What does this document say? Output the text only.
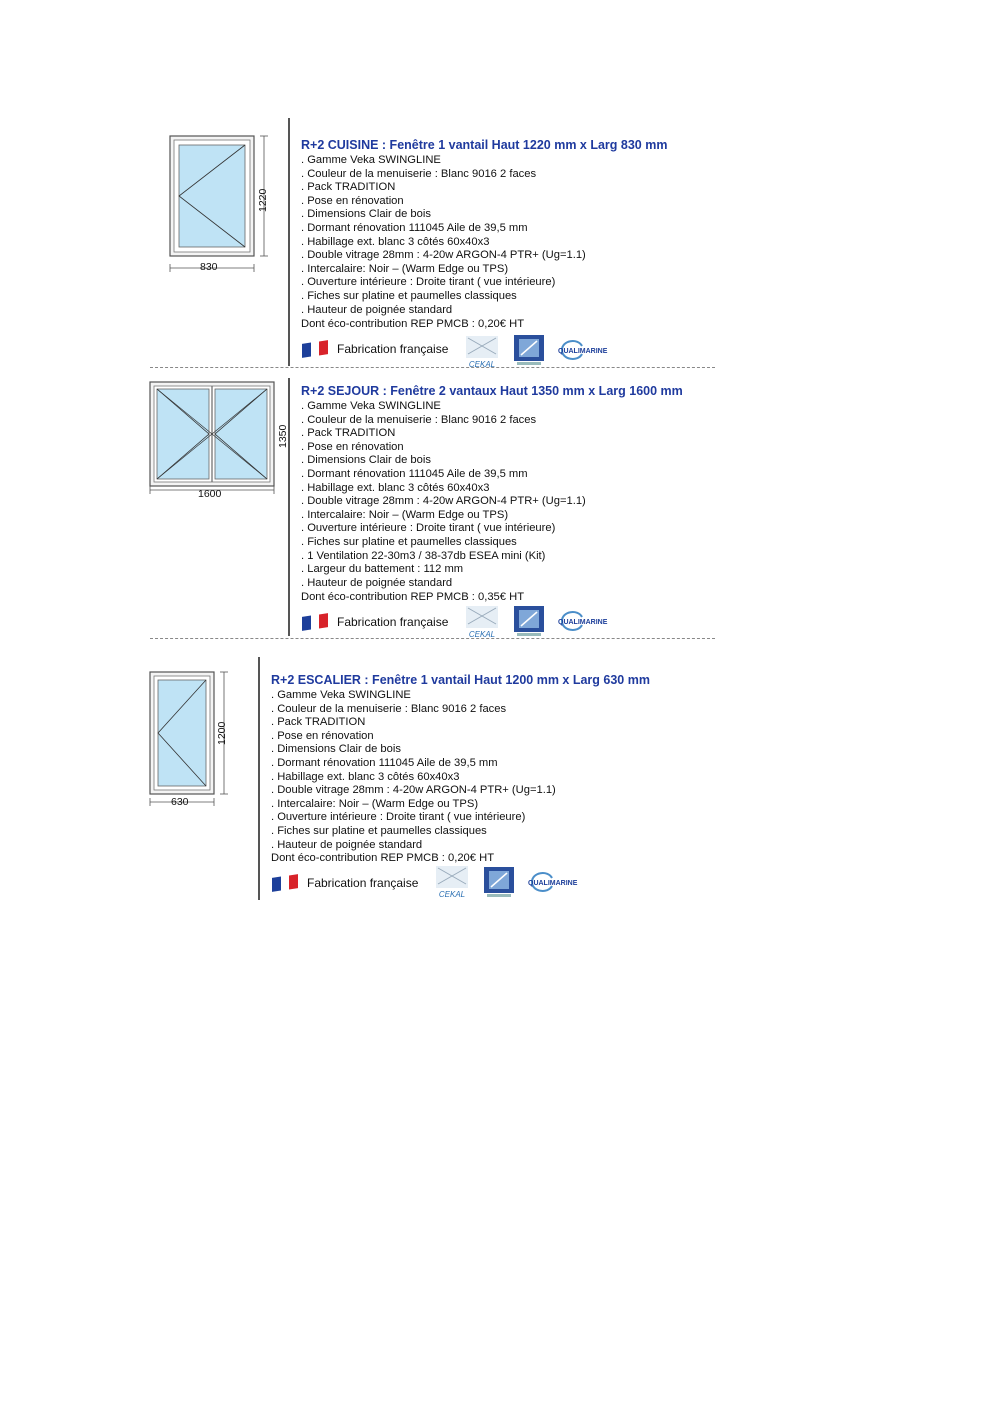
1220
830
R+2 CUISINE : Fenêtre 1 vantail Haut 1220 mm x Larg 830 mm
. Gamme Veka SWINGLINE
. Couleur de la menuiserie : Blanc 9016 2 faces
. Pack TRADITION
. Pose en rénovation
. Dimensions Clair de bois
. Dormant rénovation 111045 Aile de 39,5 mm
. Habillage ext. blanc 3 côtés 60x40x3
. Double vitrage 28mm : 4-20w ARGON-4 PTR+ (Ug=1.1)
. Intercalaire: Noir – (Warm Edge ou TPS)
. Ouverture intérieure : Droite tirant ( vue intérieure)
. Fiches sur platine et paumelles classiques
. Hauteur de poignée standard
Dont éco-contribution REP PMCB : 0,20€ HT
Fabrication française
CEKAL
QUALIMARINE
1350
1600
R+2 SEJOUR : Fenêtre 2 vantaux Haut 1350 mm x Larg 1600 mm
. Gamme Veka SWINGLINE
. Couleur de la menuiserie : Blanc 9016 2 faces
. Pack TRADITION
. Pose en rénovation
. Dimensions Clair de bois
. Dormant rénovation 111045 Aile de 39,5 mm
. Habillage ext. blanc 3 côtés 60x40x3
. Double vitrage 28mm : 4-20w ARGON-4 PTR+ (Ug=1.1)
. Intercalaire: Noir – (Warm Edge ou TPS)
. Ouverture intérieure : Droite tirant ( vue intérieure)
. Fiches sur platine et paumelles classiques
. 1 Ventilation 22-30m3 / 38-37db ESEA mini (Kit)
. Largeur du battement : 112 mm
. Hauteur de poignée standard
Dont éco-contribution REP PMCB : 0,35€ HT
Fabrication française
CEKAL
QUALIMARINE
1200
630
R+2 ESCALIER : Fenêtre 1 vantail Haut 1200 mm x Larg 630 mm
. Gamme Veka SWINGLINE
. Couleur de la menuiserie : Blanc 9016 2 faces
. Pack TRADITION
. Pose en rénovation
. Dimensions Clair de bois
. Dormant rénovation 111045 Aile de 39,5 mm
. Habillage ext. blanc 3 côtés 60x40x3
. Double vitrage 28mm : 4-20w ARGON-4 PTR+ (Ug=1.1)
. Intercalaire: Noir – (Warm Edge ou TPS)
. Ouverture intérieure : Droite tirant ( vue intérieure)
. Fiches sur platine et paumelles classiques
. Hauteur de poignée standard
Dont éco-contribution REP PMCB : 0,20€ HT
Fabrication française
CEKAL
QUALIMARINE
